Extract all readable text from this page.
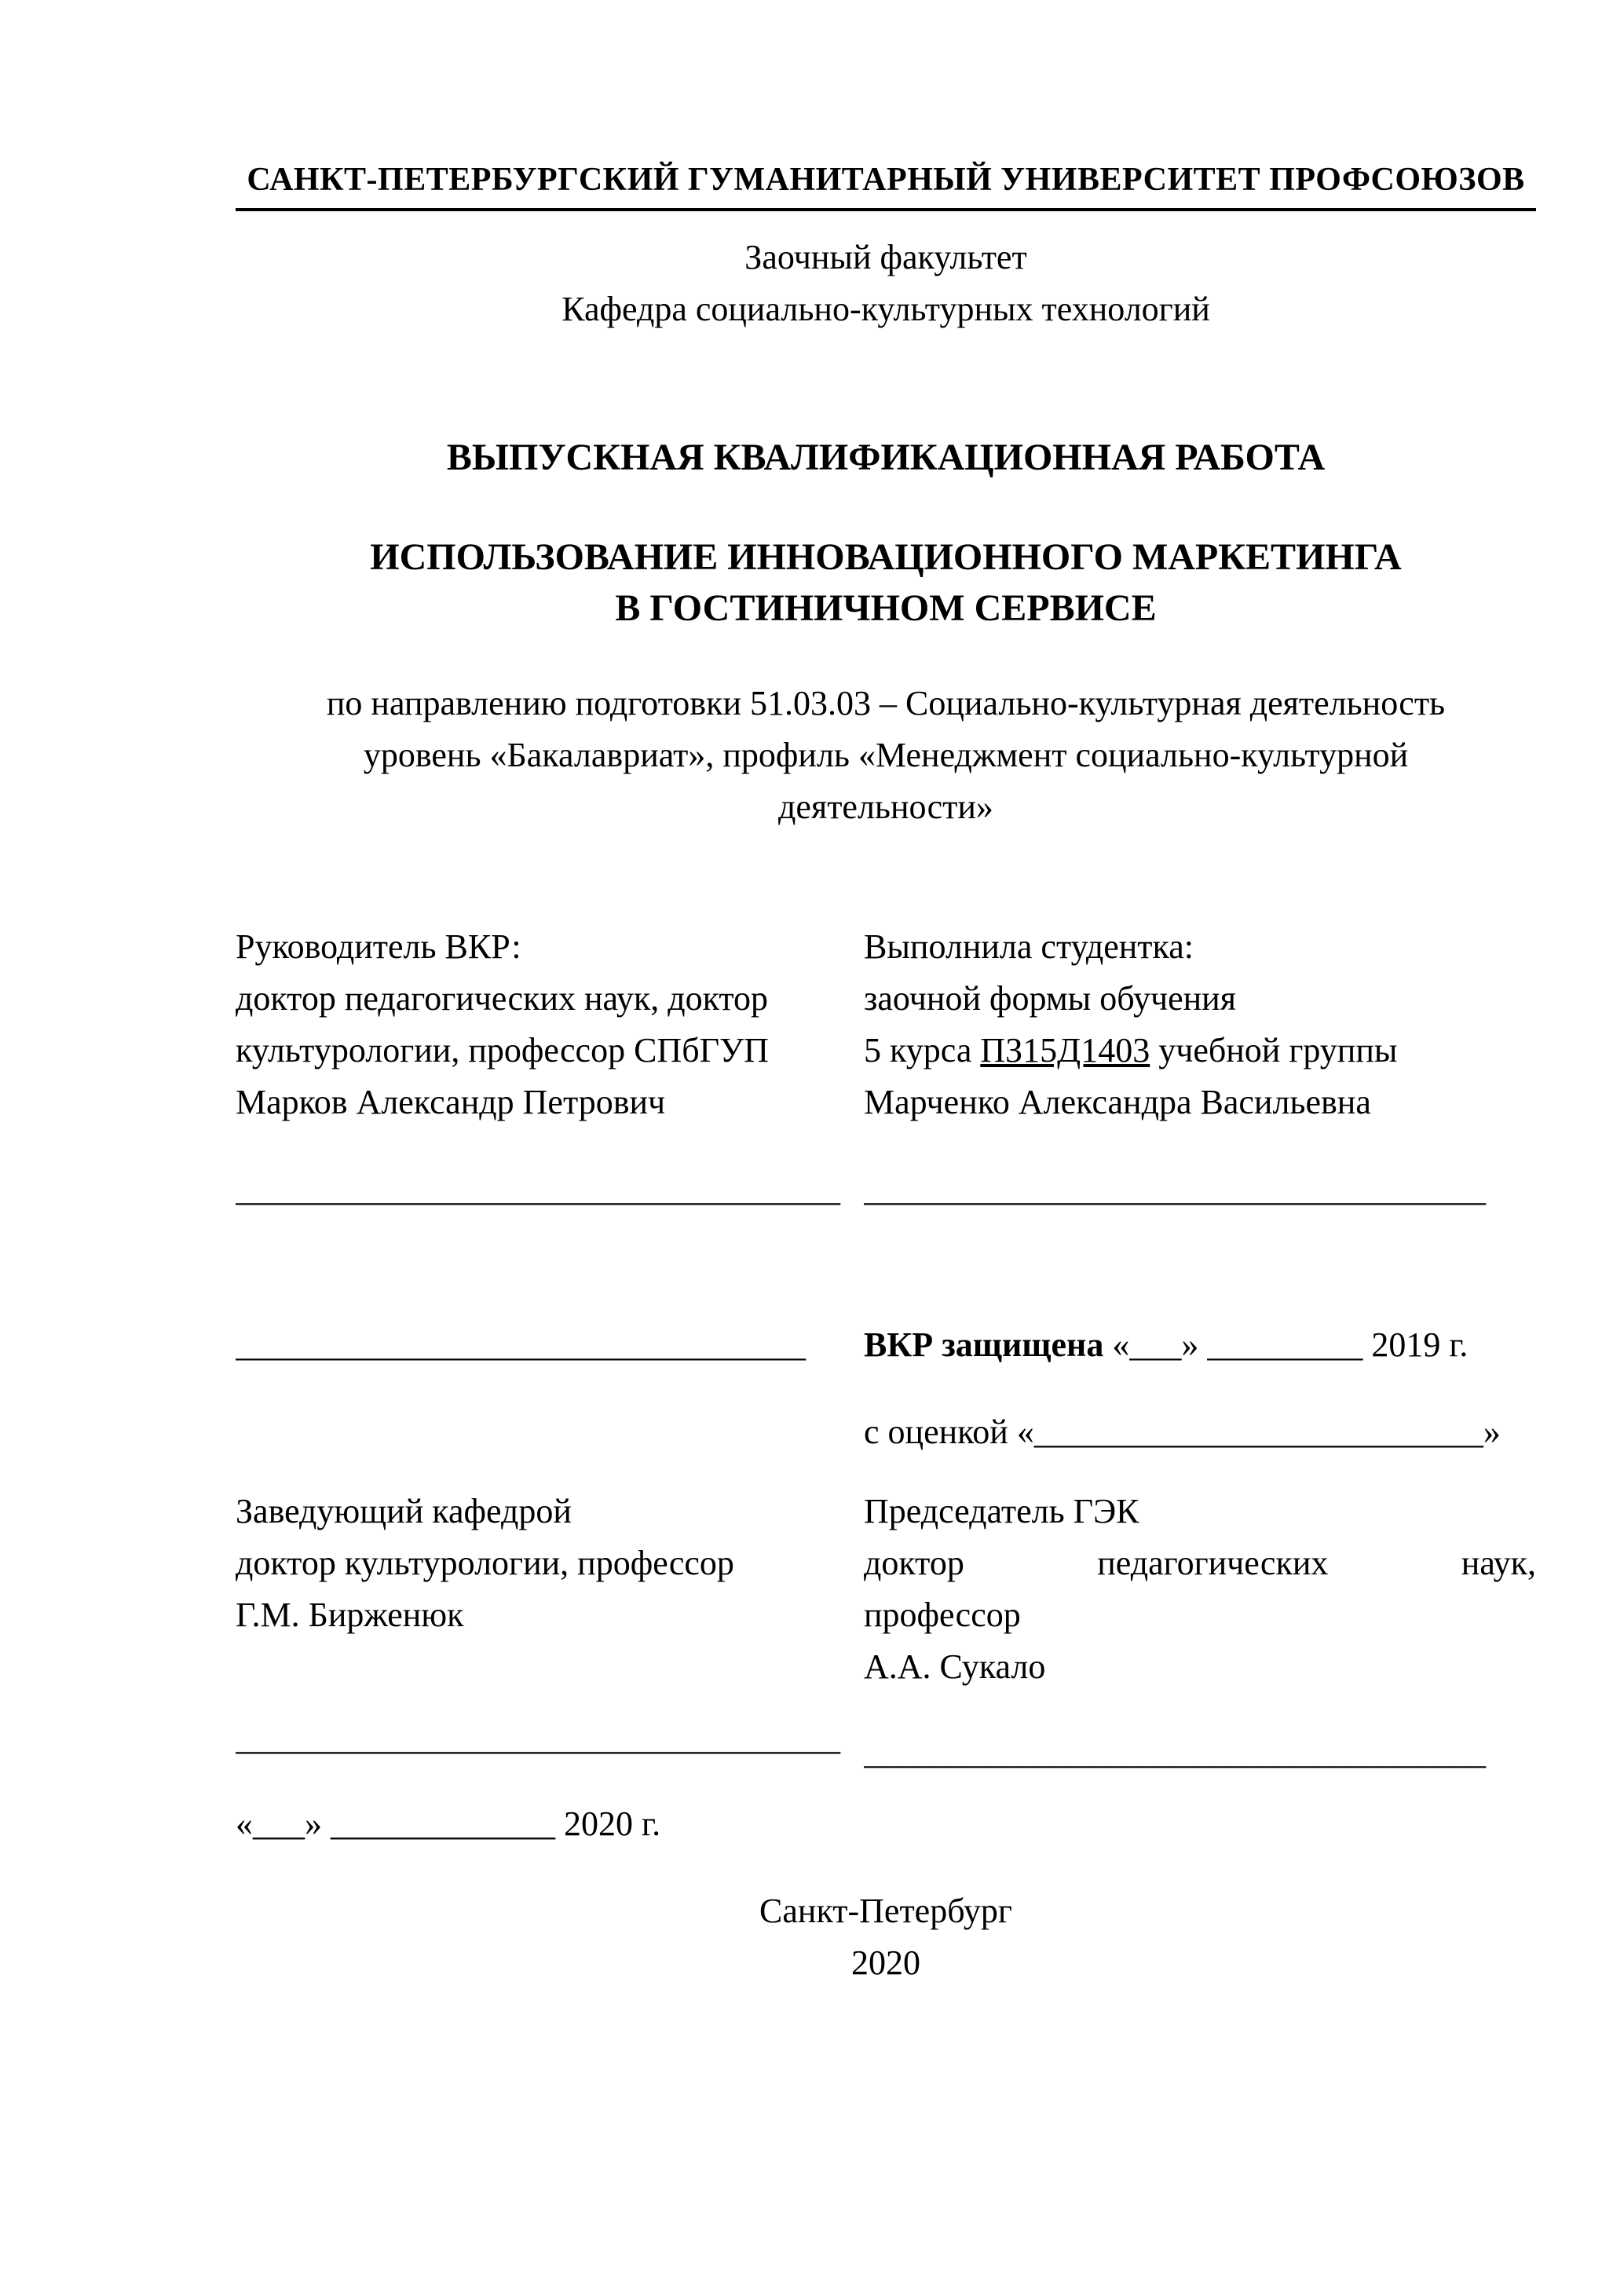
САНКТ-ПЕТЕРБУРГСКИЙ ГУМАНИТАРНЫЙ УНИВЕРСИТЕТ ПРОФСОЮЗОВ
Заочный факультет
Кафедра социально-культурных технологий
ВЫПУСКНАЯ КВАЛИФИКАЦИОННАЯ РАБОТА
ИСПОЛЬЗОВАНИЕ ИННОВАЦИОННОГО МАРКЕТИНГА
В ГОСТИНИЧНОМ СЕРВИСЕ
по направлению подготовки 51.03.03 – Социально-культурная деятельность
уровень «Бакалавриат», профиль «Менеджмент социально-культурной
деятельности»
Руководитель ВКР:
доктор педагогических наук, доктор
культурологии, профессор СПбГУП
Марков Александр Петрович
Выполнила студентка:
заочной формы обучения
5 курса ПЗ15Д1403 учебной группы
Марченко Александра Васильевна
___________________________________ ____________________________________
_________________________________	ВКР защищена «___» _________ 2019 г.
с оценкой «__________________________»
Заведующий кафедрой
доктор культурологии, профессор
Г.М. Бирженюк
Председатель ГЭК
доктор	педагогических	наук,
профессор
А.А. Сукало
___________________________________ ____________________________________
«___» _____________ 2020 г.
Санкт-Петербург
2020
